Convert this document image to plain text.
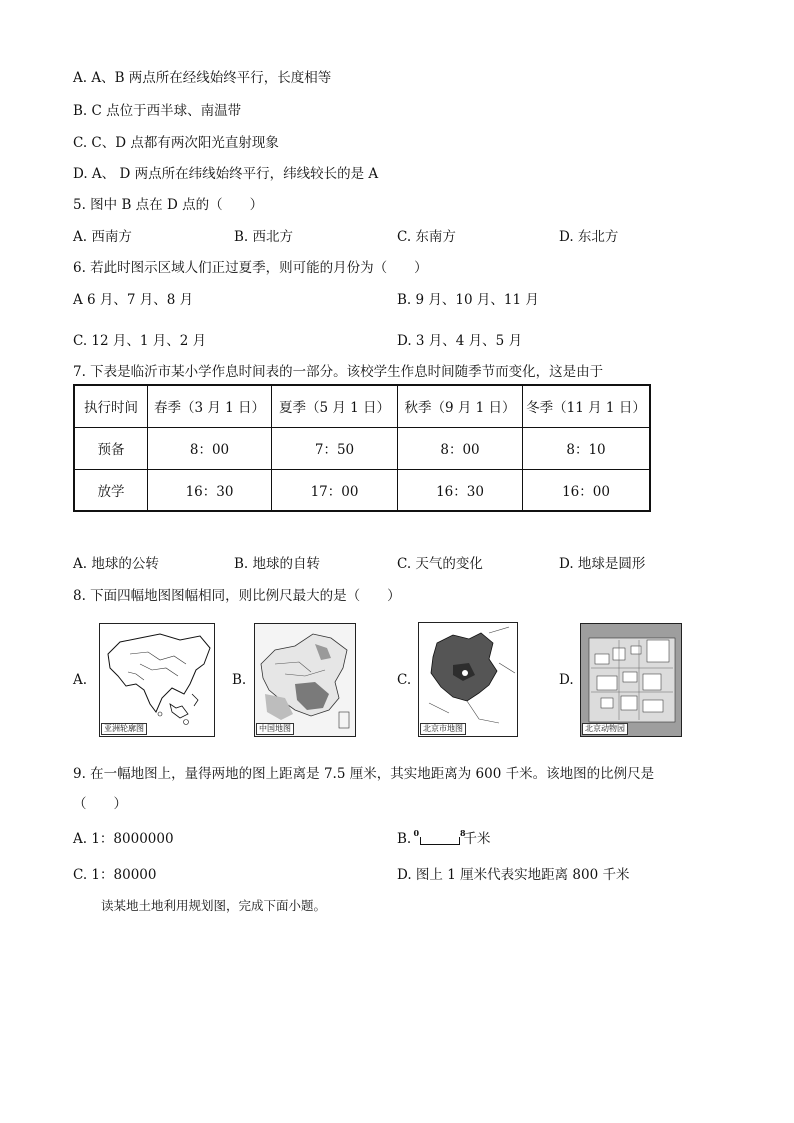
A. A、B 两点所在经线始终平行，长度相等
B. C 点位于西半球、南温带
C. C、D 点都有两次阳光直射现象
D. A、 D 两点所在纬线始终平行，纬线较长的是 A
5. 图中 B 点在 D 点的（　　）
A. 西南方	B. 西北方	C. 东南方	D. 东北方
6. 若此时图示区域人们正过夏季，则可能的月份为（　　）
A 6 月、7 月、8 月	B. 9 月、10 月、11 月
C. 12 月、1 月、2 月	D. 3 月、4 月、5 月
7. 下表是临沂市某小学作息时间表的一部分。该校学生作息时间随季节而变化，这是由于
执行时间	春季（3 月 1 日）	夏季（5 月 1 日）	秋季（9 月 1 日）	冬季（11 月 1 日）
预备	8：00	7：50	8：00	8：10
放学	16：30	17：00	16：30	16：00
A. 地球的公转	B. 地球的自转	C. 天气的变化	D. 地球是圆形
8. 下面四幅地图图幅相同，则比例尺最大的是（　　）
A.
亚洲轮廓图
B.
中国地图
C.
北京市地图
D.
北京动物园
9. 在一幅地图上，量得两地的图上距离是 7.5 厘米，其实地距离为 600 千米。该地图的比例尺是
（　　）
A. 1：8000000	B. 0	8
千米
C. 1：80000	D. 图上 1 厘米代表实地距离 800 千米
读某地土地利用规划图，完成下面小题。
